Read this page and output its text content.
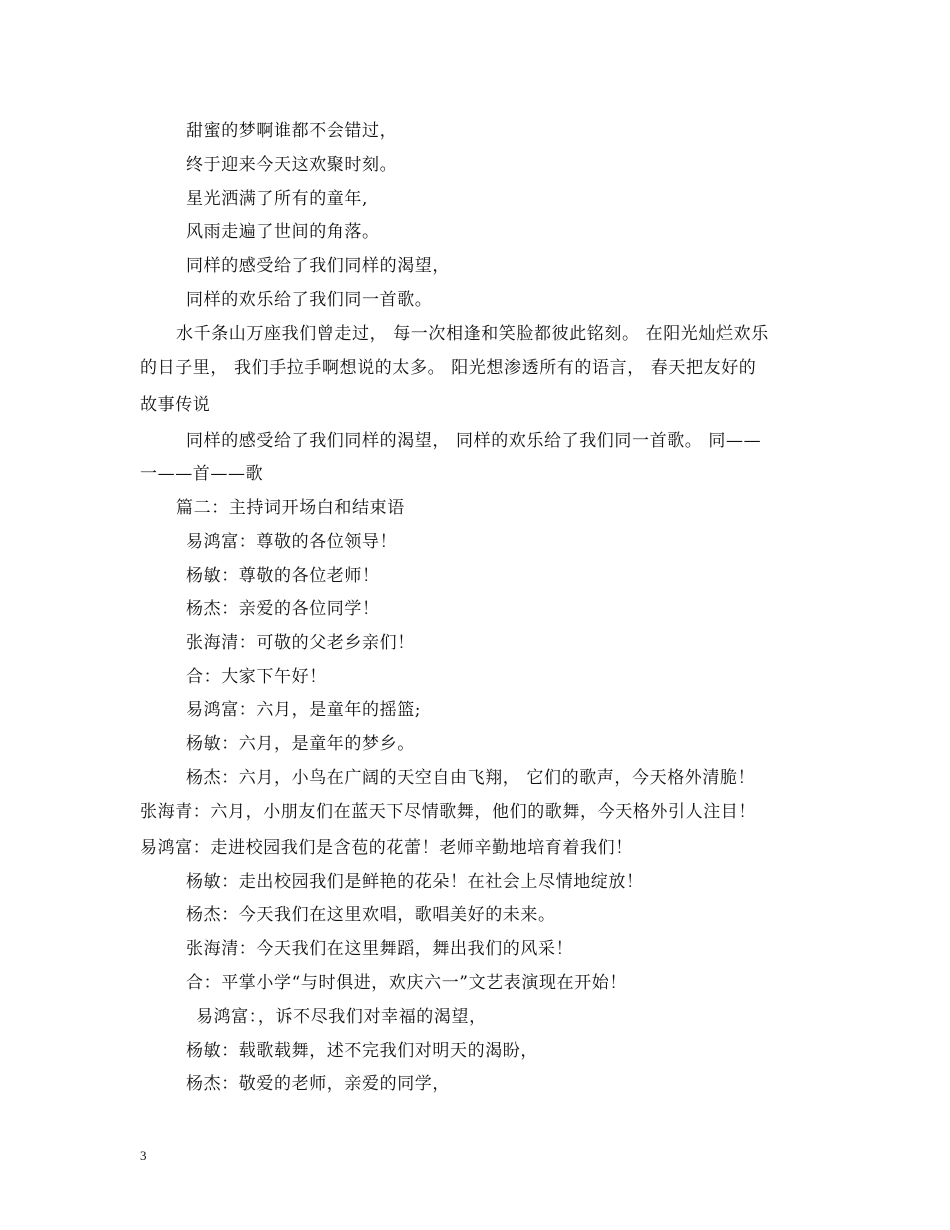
甜蜜的梦啊谁都不会错过，
终于迎来今天这欢聚时刻。
星光洒满了所有的童年,
风雨走遍了世间的角落。
同样的感受给了我们同样的渴望，
同样的欢乐给了我们同一首歌。
水千条山万座我们曾走过， 每一次相逢和笑脸都彼此铭刻。 在阳光灿烂欢乐
的日子里， 我们手拉手啊想说的太多。 阳光想渗透所有的语言， 春天把友好的
故事传说
同样的感受给了我们同样的渴望， 同样的欢乐给了我们同一首歌。 同——
一——首——歌
篇二：主持词开场白和结束语
易鸿富：尊敬的各位领导！
杨敏：尊敬的各位老师！
杨杰：亲爱的各位同学！
张海清：可敬的父老乡亲们！
合：大家下午好！
易鸿富：六月，是童年的摇篮;
杨敏：六月，是童年的梦乡。
杨杰：六月，小鸟在广阔的天空自由飞翔， 它们的歌声，今天格外清脆！
张海青：六月，小朋友们在蓝天下尽情歌舞，他们的歌舞，今天格外引人注目！
易鸿富：走进校园我们是含苞的花蕾！老师辛勤地培育着我们！
杨敏：走出校园我们是鲜艳的花朵！在社会上尽情地绽放！
杨杰：今天我们在这里欢唱，歌唱美好的未来。
张海清：今天我们在这里舞蹈，舞出我们的风采！
合：平掌小学“与时俱进，欢庆六一”文艺表演现在开始！
易鸿富：，诉不尽我们对幸福的渴望，
杨敏：载歌载舞，述不完我们对明天的渴盼，
杨杰：敬爱的老师，亲爱的同学，
3
